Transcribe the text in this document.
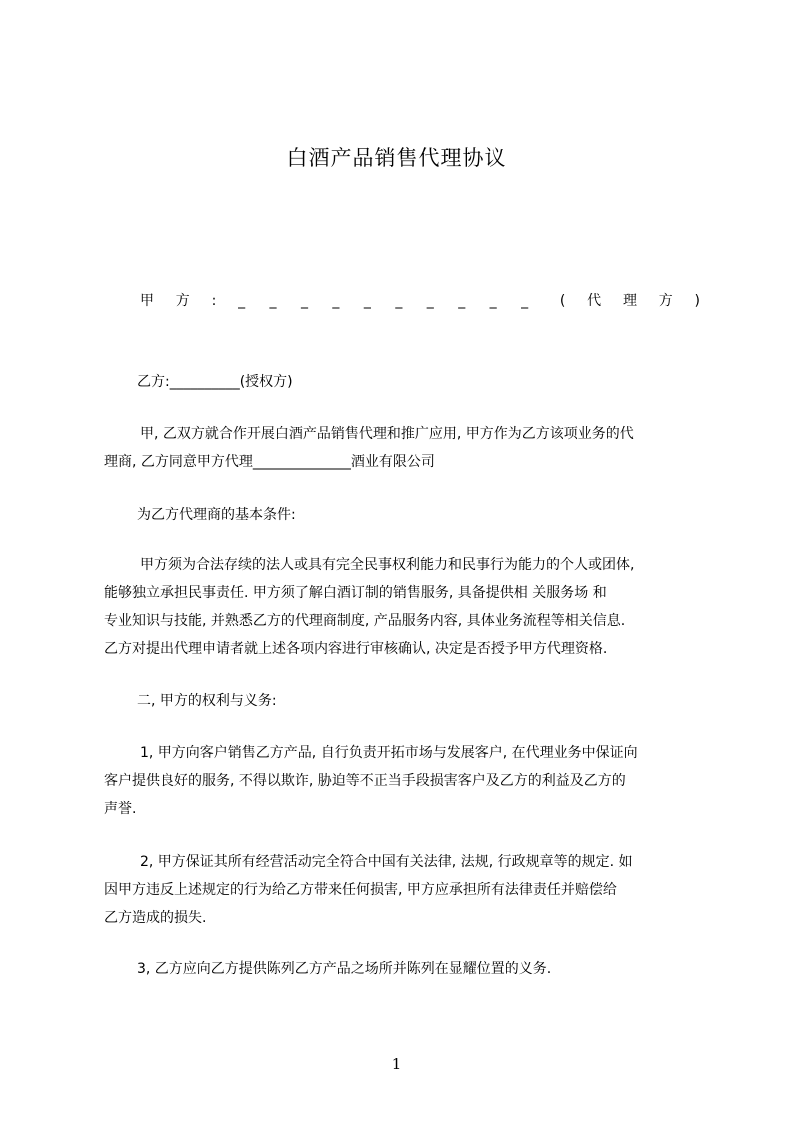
白酒产品销售代理协议
甲 方 : _ _ _ _ _ _ _ _ _ _ ( 代 理 方 )
乙方:__________(授权方)
甲, 乙双方就合作开展白酒产品销售代理和推广应用, 甲方作为乙方该项业务的代
理商, 乙方同意甲方代理______________酒业有限公司
为乙方代理商的基本条件:
甲方须为合法存续的法人或具有完全民事权利能力和民事行为能力的个人或团体,
能够独立承担民事责任. 甲方须了解白酒订制的销售服务, 具备提供相 关服务场 和
专业知识与技能, 并熟悉乙方的代理商制度, 产品服务内容, 具体业务流程等相关信息.
乙方对提出代理申请者就上述各项内容进行审核确认, 决定是否授予甲方代理资格.
二, 甲方的权利与义务:
1, 甲方向客户销售乙方产品, 自行负责开拓市场与发展客户, 在代理业务中保证向
客户提供良好的服务, 不得以欺诈, 胁迫等不正当手段损害客户及乙方的利益及乙方的
声誉.
2, 甲方保证其所有经营活动完全符合中国有关法律, 法规, 行政规章等的规定. 如
因甲方违反上述规定的行为给乙方带来任何损害, 甲方应承担所有法律责任并赔偿给
乙方造成的损失.
3, 乙方应向乙方提供陈列乙方产品之场所并陈列在显耀位置的义务.
1
